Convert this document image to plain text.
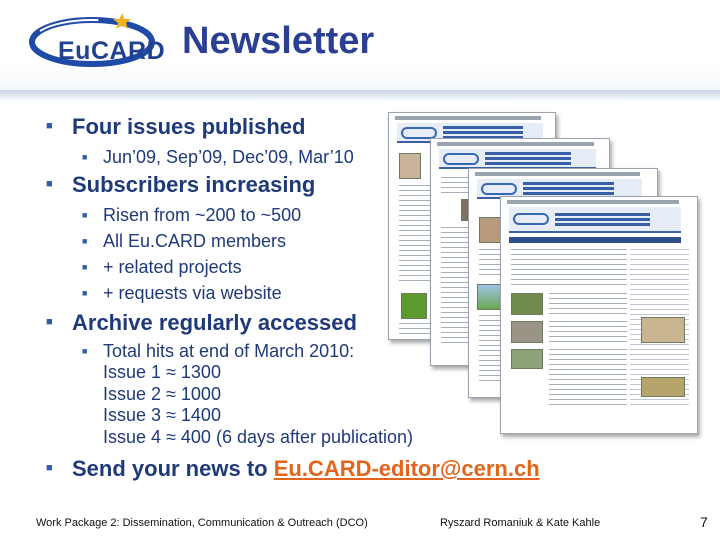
EuCARD Newsletter
■ Four issues published
■ Jun’09, Sep’09, Dec’09, Mar’10
■ Subscribers increasing
■ Risen from ~200 to ~500
■ All Eu.CARD members
■ + related projects
■ + requests via website
■ Archive regularly accessed
■ Total hits at end of March 2010:
Issue 1 ≈ 1300
Issue 2 ≈ 1000
Issue 3 ≈ 1400
Issue 4 ≈ 400 (6 days after publication)
■ Send your news to Eu.CARD-editor@cern.ch
Work Package 2: Dissemination, Communication & Outreach (DCO)	Ryszard Romaniuk & Kate Kahle	7
